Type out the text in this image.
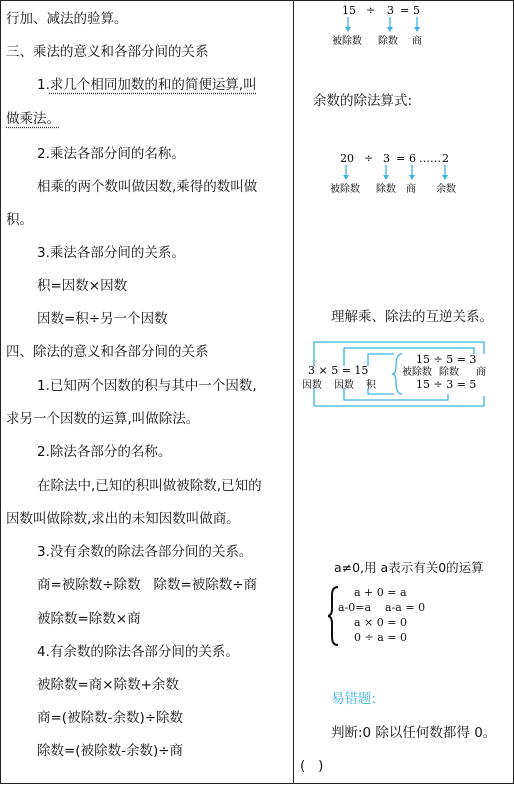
行加、减法的验算。
三、乘法的意义和各部分间的关系
1.求几个相同加数的和的简便运算,叫
做乘法。
2.乘法各部分间的名称。
相乘的两个数叫做因数,乘得的数叫做
积。
3.乘法各部分间的关系。
积=因数×因数
因数=积÷另一个因数
四、除法的意义和各部分间的关系
1.已知两个因数的积与其中一个因数,
求另一个因数的运算,叫做除法。
2.除法各部分的名称。
在除法中,已知的积叫做被除数,已知的
因数叫做除数,求出的未知因数叫做商。
3.没有余数的除法各部分间的关系。
商=被除数÷除数   除数=被除数÷商
被除数=除数×商
4.有余数的除法各部分间的关系。
被除数=商×除数+余数
商=(被除数-余数)÷除数
除数=(被除数-余数)÷商
15 ÷ 3 = 5
被除数 除数 商
余数的除法算式:
20 ÷ 3 = 6 …… 2
被除数 除数 商 余数
理解乘、除法的互逆关系。
3 × 5 = 15
因数 因数 积
15 ÷ 5 = 3
被除数 除数 商
15 ÷ 3 = 5
a≠0,用 a表示有关0的运算
a + 0 = a
a-0=a    a-a = 0
a × 0 = 0
0 ÷ a = 0
易错题:
判断:0 除以任何数都得 0。
(   )
